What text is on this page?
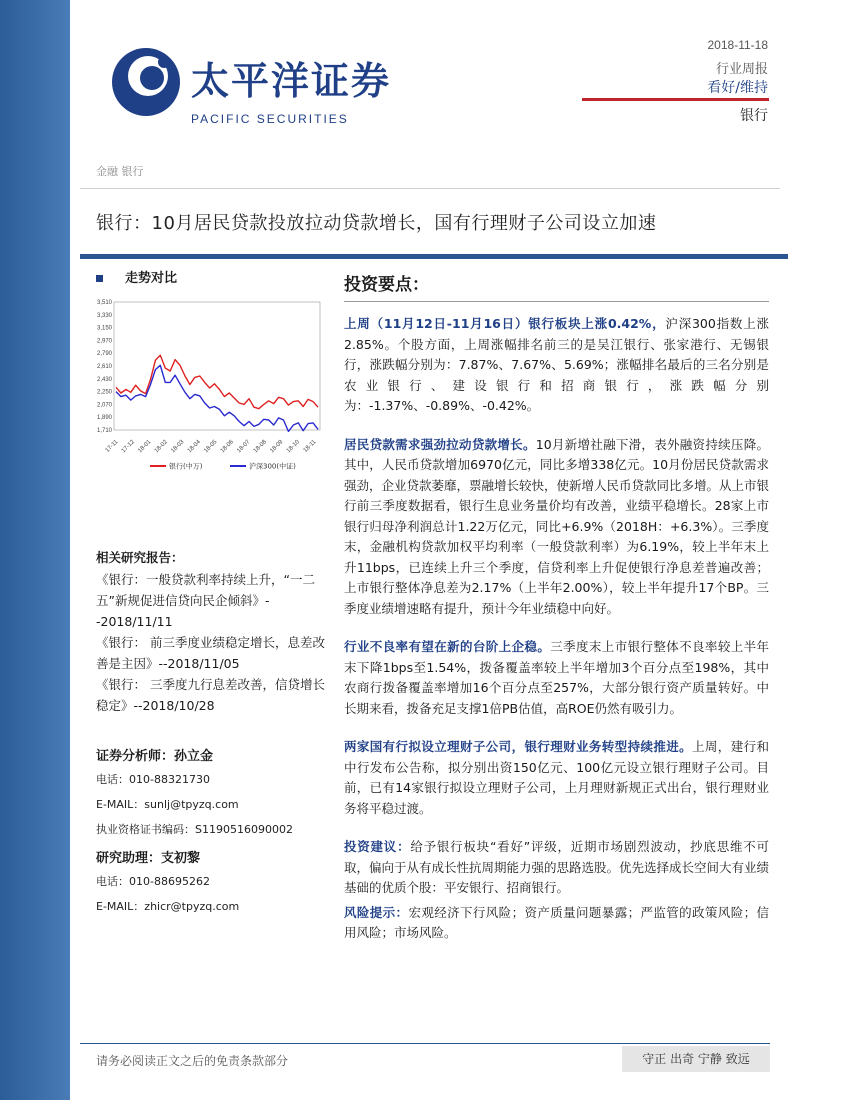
太平洋证券
PACIFIC SECURITIES
2018-11-18
行业周报
看好/维持
银行
金融 银行
银行：10月居民贷款投放拉动贷款增长，国有行理财子公司设立加速
走势对比
3,510
3,330
3,150
2,970
2,790
2,610
2,430
2,250
2,070
1,890
1,710
17-11 17-12 18-01 18-02 18-03 18-04 18-05 18-06 18-07 18-08 18-09 18-10 18-11
银行(中万)	沪深300(中证)
相关研究报告：

《银行：一般贷款利率持续上升，“一二五”新规促进信贷向民企倾斜》--2018/11/11

《银行： 前三季度业绩稳定增长，息差改善是主因》--2018/11/05

《银行： 三季度九行息差改善，信贷增长稳定》--2018/10/28

证券分析师：孙立金
电话：010-88321730
E-MAIL：sunlj@tpyzq.com
执业资格证书编码：S1190516090002
研究助理：支初黎
电话：010-88695262
E-MAIL：zhicr@tpyzq.com
投资要点：

上周（11月12日-11月16日）银行板块上涨0.42%，沪深300指数上涨2.85%。个股方面，上周涨幅排名前三的是吴江银行、张家港行、无锡银行，涨跌幅分别为：7.87%、7.67%、5.69%；涨幅排名最后的三名分别是农业银行、建设银行和招商银行，涨跌幅分别为：-1.37%、-0.89%、-0.42%。

居民贷款需求强劲拉动贷款增长。10月新增社融下滑，表外融资持续压降。其中，人民币贷款增加6970亿元，同比多增338亿元。10月份居民贷款需求强劲，企业贷款萎靡，票融增长较快，使新增人民币贷款同比多增。从上市银行前三季度数据看，银行生息业务量价均有改善，业绩平稳增长。28家上市银行归母净利润总计1.22万亿元，同比+6.9%（2018H：+6.3%）。三季度末，金融机构贷款加权平均利率（一般贷款利率）为6.19%，较上半年末上升11bps，已连续上升三个季度，信贷利率上升促使银行净息差普遍改善；上市银行整体净息差为2.17%（上半年2.00%），较上半年提升17个BP。三季度业绩增速略有提升，预计今年业绩稳中向好。

行业不良率有望在新的台阶上企稳。三季度末上市银行整体不良率较上半年末下降1bps至1.54%，拨备覆盖率较上半年增加3个百分点至198%，其中农商行拨备覆盖率增加16个百分点至257%，大部分银行资产质量转好。中长期来看，拨备充足支撑1倍PB估值，高ROE仍然有吸引力。

两家国有行拟设立理财子公司，银行理财业务转型持续推进。上周，建行和中行发布公告称，拟分别出资150亿元、100亿元设立银行理财子公司。目前，已有14家银行拟设立理财子公司，上月理财新规正式出台，银行理财业务将平稳过渡。

投资建议：给予银行板块“看好”评级，近期市场剧烈波动，抄底思维不可取，偏向于从有成长性抗周期能力强的思路选股。优先选择成长空间大有业绩基础的优质个股：平安银行、招商银行。

风险提示：宏观经济下行风险；资产质量问题暴露；严监管的政策风险；信用风险；市场风险。

请务必阅读正文之后的免责条款部分	守正 出奇 宁静 致远
